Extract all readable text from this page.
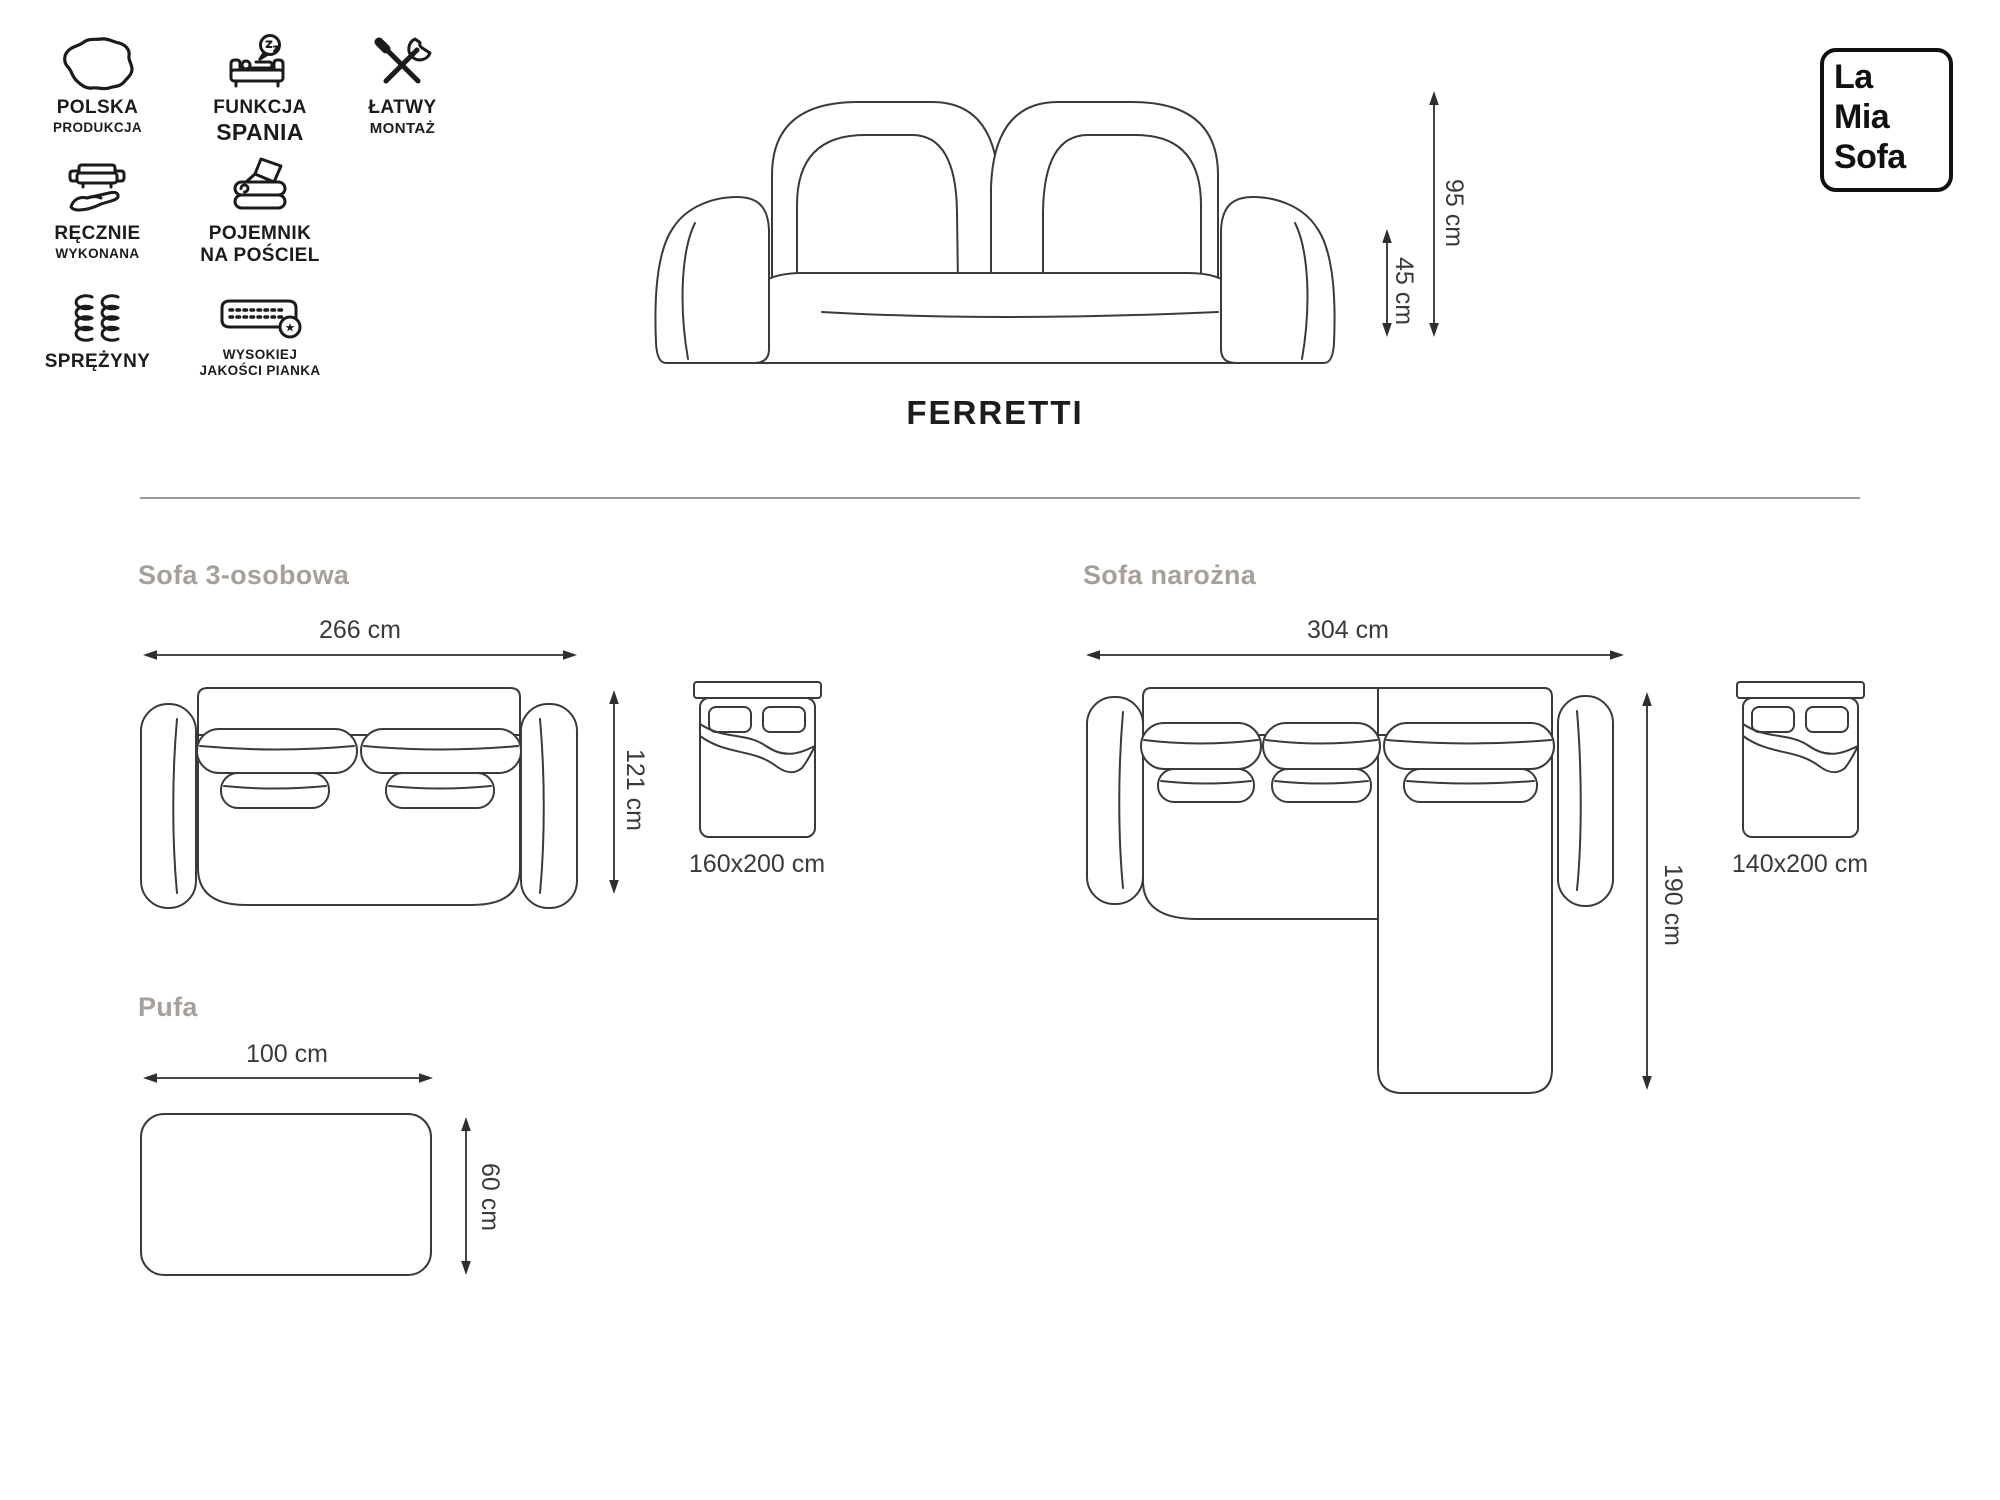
POLSKA
PRODUKCJA
FUNKCJA
SPANIA
ŁATWY
MONTAŻ
RĘCZNIE
WYKONANA
POJEMNIK
NA POŚCIEL
SPRĘŻYNY
★
WYSOKIEJ
JAKOŚCI PIANKA
La
Mia
Sofa
95 cm
45 cm
FERRETTI
Sofa 3-osobowa
266 cm
121 cm
160x200 cm
Sofa narożna
304 cm
190 cm	140x200 cm
Pufa
100 cm
60 cm
